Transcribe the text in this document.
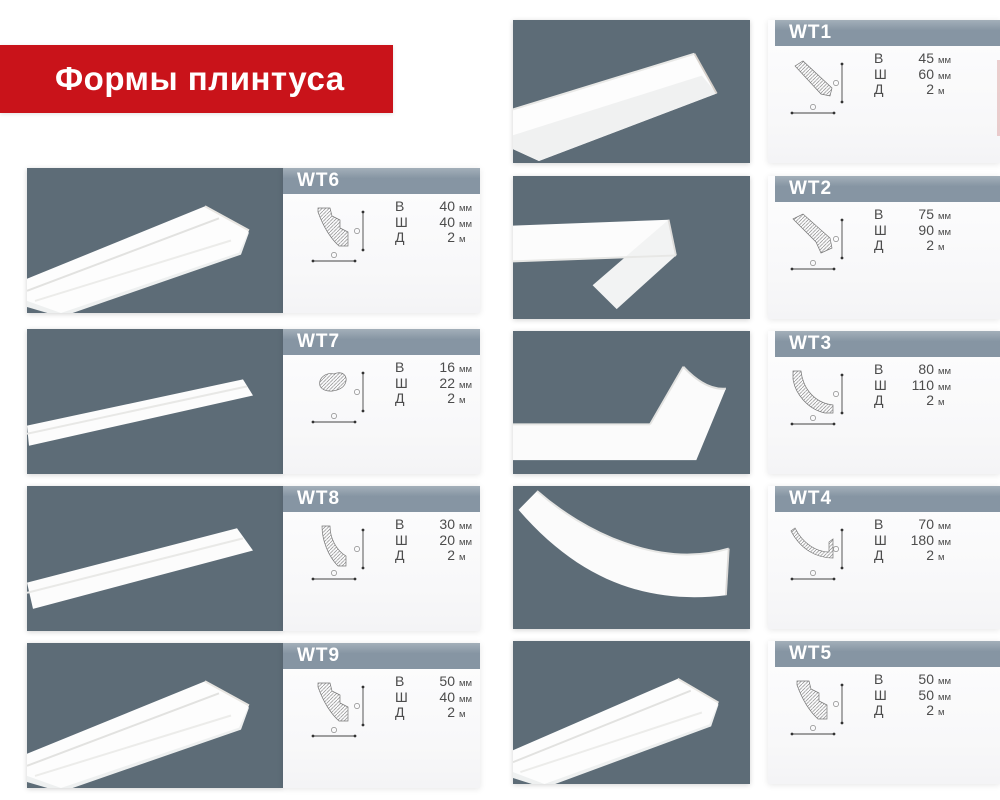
Формы плинтуса
WT1
В	45 мм
Ш	60 мм
Д	2 м
WT2
В	75 мм
Ш	90 мм
Д	2 м
WT3
В	80 мм
Ш	110 мм
Д	2 м
WT4
В	70 мм
Ш	180 мм
Д	2 м
WT5
В	50 мм
Ш	50 мм
Д	2 м
WT6
В	40 мм
Ш	40 мм
Д	2 м
WT7
В	16 мм
Ш	22 мм
Д	2 м
WT8
В	30 мм
Ш	20 мм
Д	2 м
WT9
В	50 мм
Ш	40 мм
Д	2 м
